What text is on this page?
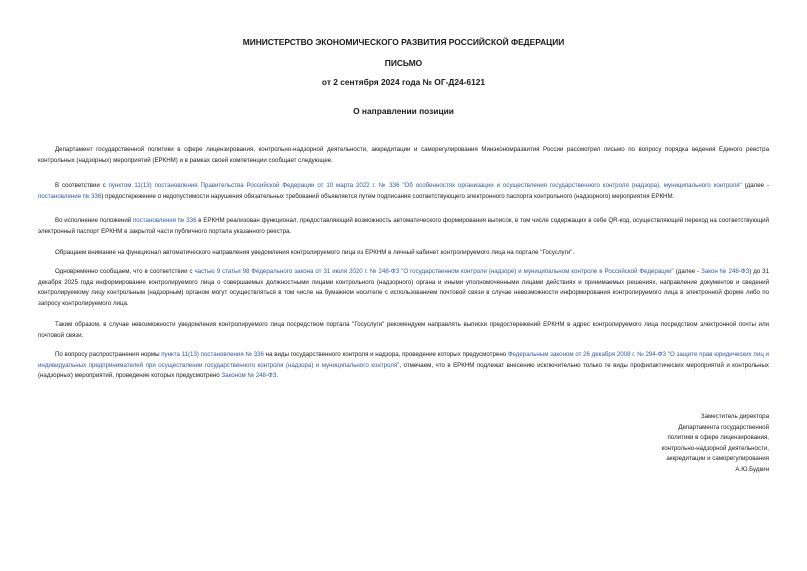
МИНИСТЕРСТВО ЭКОНОМИЧЕСКОГО РАЗВИТИЯ РОССИЙСКОЙ ФЕДЕРАЦИИ
ПИСЬМО
от 2 сентября 2024 года № ОГ-Д24-6121
О направлении позиции

Департамент государственной политики в сфере лицензирования, контрольно-надзорной деятельности, аккредитации и саморегулирования Минэкономразвития России рассмотрел письмо по вопросу порядка ведения Единого реестра контрольных (надзорных) мероприятий (ЕРКНМ) и в рамках своей компетенции сообщает следующее.

В соответствии с пунктом 11(13) постановления Правительства Российской Федерации от 10 марта 2022 г. № 336 "Об особенностях организации и осуществления государственного контроля (надзора), муниципального контроля" (далее - постановление № 336) предостережение о недопустимости нарушения обязательных требований объявляется путем подписания соответствующего электронного паспорта контрольного (надзорного) мероприятия ЕРКНМ.

Во исполнение положений постановления № 336 в ЕРКНМ реализован функционал, предоставляющий возможность автоматического формирования выписок, в том числе содержащих в себе QR-код, осуществляющий переход на соответствующий электронный паспорт ЕРКНМ в закрытой части публичного портала указанного реестра.

Обращаем внимание на функционал автоматического направления уведомления контролируемого лица из ЕРКНМ в личный кабинет контролируемого лица на портале "Госуслуги".

Одновременно сообщаем, что в соответствии с частью 9 статьи 98 Федерального закона от 31 июля 2020 г. № 248-ФЗ "О государственном контроле (надзоре) и муниципальном контроле в Российской Федерации" (далее - Закон № 248-ФЗ) до 31 декабря 2025 года информирование контролируемого лица о совершаемых должностными лицами контрольного (надзорного) органа и иными уполномоченными лицами действиях и принимаемых решениях, направление документов и сведений контролируемому лицу контрольным (надзорным) органом могут осуществляться в том числе на бумажном носителе с использованием почтовой связи в случае невозможности информирования контролируемого лица в электронной форме либо по запросу контролируемого лица.

Таким образом, в случае невозможности уведомления контролируемого лица посредством портала "Госуслуги" рекомендуем направлять выписки предостережений ЕРКНМ в адрес контролируемого лица посредством электронной почты или почтовой связи.

По вопросу распространения нормы пункта 11(13) постановления № 336 на виды государственного контроля и надзора, проведение которых предусмотрено Федеральным законом от 26 декабря 2008 г. № 294-ФЗ "О защите прав юридических лиц и индивидуальных предпринимателей при осуществлении государственного контроля (надзора) и муниципального контроля", отмечаем, что в ЕРКНМ подлежат внесению исключительно только те виды профилактических мероприятий и контрольных (надзорных) мероприятий, проведение которых предусмотрено Законом № 248-ФЗ.

Заместитель директора
Департамента государственной
политики в сфере лицензирования,
контрольно-надзорной деятельности,
аккредитации и саморегулирования
А.Ю.Будкин
